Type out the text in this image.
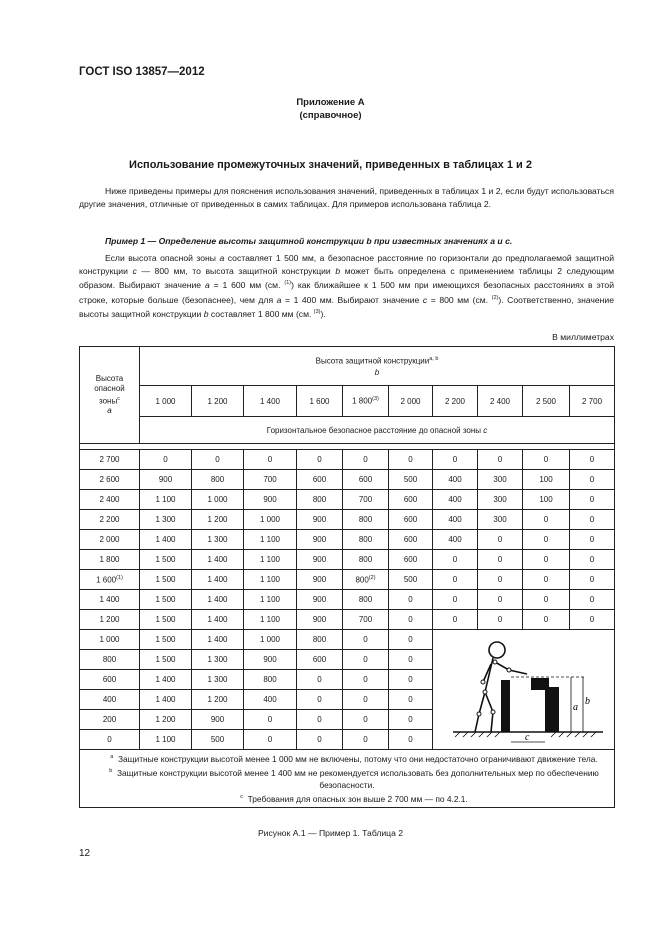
ГОСТ ISO 13857—2012
Приложение А
(справочное)
Использование промежуточных значений, приведенных в таблицах 1 и 2
Ниже приведены примеры для пояснения использования значений, приведенных в таблицах 1 и 2, если будут использоваться другие значения, отличные от приведенных в самих таблицах. Для примеров использована таблица 2.
Пример 1 — Определение высоты защитной конструкции b при известных значениях a и c.
Если высота опасной зоны a составляет 1 500 мм, а безопасное расстояние по горизонтали до предполагаемой защитной конструкции c — 800 мм, то высота защитной конструкции b может быть определена с применением таблицы 2 следующим образом. Выбирают значение a = 1 600 мм (см. $^{(1)}$) как ближайшее к 1 500 мм при имеющихся безопасных расстояниях в этой строке, которые больше (безопаснее), чем для a = 1 400 мм. Выбирают значение c = 800 мм (см. $^{(2)}$). Соответственно, значение высоты защитной конструкции b составляет 1 800 мм (см. $^{(3)}$).
В миллиметрах
Высота
опасной
зоны$^c$
a	Высота защитной конструкции$^{a, b}$
b									
	1 000	1 200	1 400	1 600	1 800$^{(3)}$	2 000	2 200	2 400	2 500	2 700
	Горизонтальное безопасное расстояние до опасной зоны c									

2 700	0	0	0	0	0	0	0	0	0	0
2 600	900	800	700	600	600	500	400	300	100	0
2 400	1 100	1 000	900	800	700	600	400	300	100	0
2 200	1 300	1 200	1 000	900	800	600	400	300	0	0
2 000	1 400	1 300	1 100	900	800	600	400	0	0	0
1 800	1 500	1 400	1 100	900	800	600	0	0	0	0
1 600$^{(1)}$	1 500	1 400	1 100	900	800$^{(2)}$	500	0	0	0	0
1 400	1 500	1 400	1 100	900	800	0	0	0	0	0
1 200	1 500	1 400	1 100	900	700	0	0	0	0	0
1 000	1 500	1 400	1 000	800	0	0	a
b
c			

800	1 500	1 300	900	600	0	0				
600	1 400	1 300	800	0	0	0				
400	1 400	1 200	400	0	0	0				
200	1 200	900	0	0	0	0				
0	1 100	500	0	0	0	0				

$^a$ Защитные конструкции высотой менее 1 000 мм не включены, потому что они недостаточно ограничивают движение тела.
$^b$ Защитные конструкции высотой менее 1 400 мм не рекомендуется использовать без дополнительных мер по обеспечению безопасности.
$^c$ Требования для опасных зон выше 2 700 мм — по 4.2.1.										
Рисунок А.1 — Пример 1. Таблица 2
12
